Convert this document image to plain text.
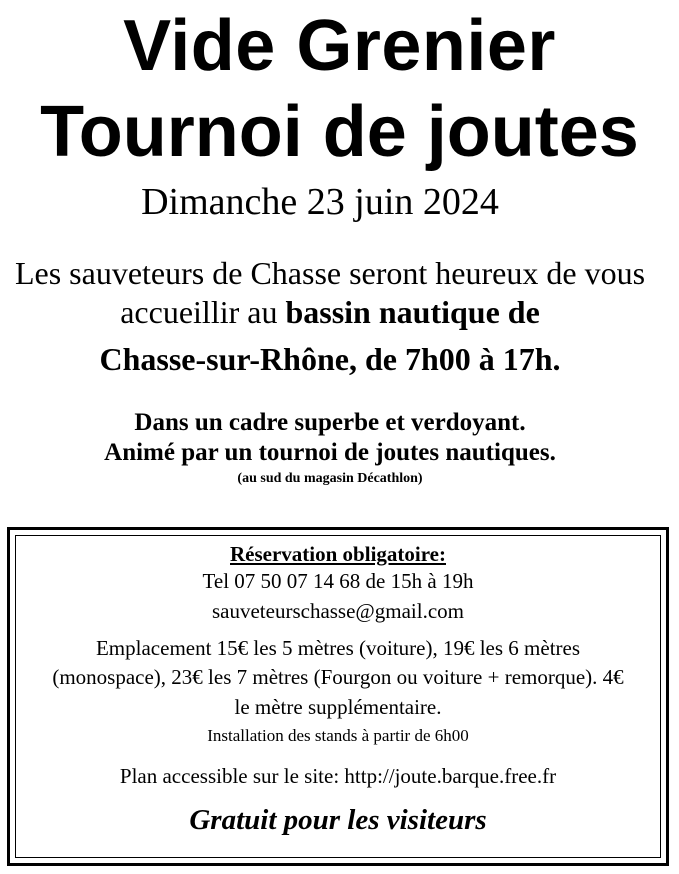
Vide Grenier
Tournoi de joutes
Dimanche 23 juin 2024
Les sauveteurs de Chasse seront heureux de vous accueillir au bassin nautique de
Chasse-sur-Rhône, de 7h00 à 17h.
Dans un cadre superbe et verdoyant.
Animé par un tournoi de joutes nautiques.
(au sud du magasin Décathlon)
Réservation obligatoire:
Tel 07 50 07 14 68 de 15h à 19h
sauveteurschasse@gmail.com
Emplacement 15€ les 5 mètres (voiture), 19€ les 6 mètres (monospace), 23€ les 7 mètres (Fourgon ou voiture + remorque). 4€ le mètre supplémentaire.
Installation des stands à partir de 6h00
Plan accessible sur le site: http://joute.barque.free.fr
Gratuit pour les visiteurs
